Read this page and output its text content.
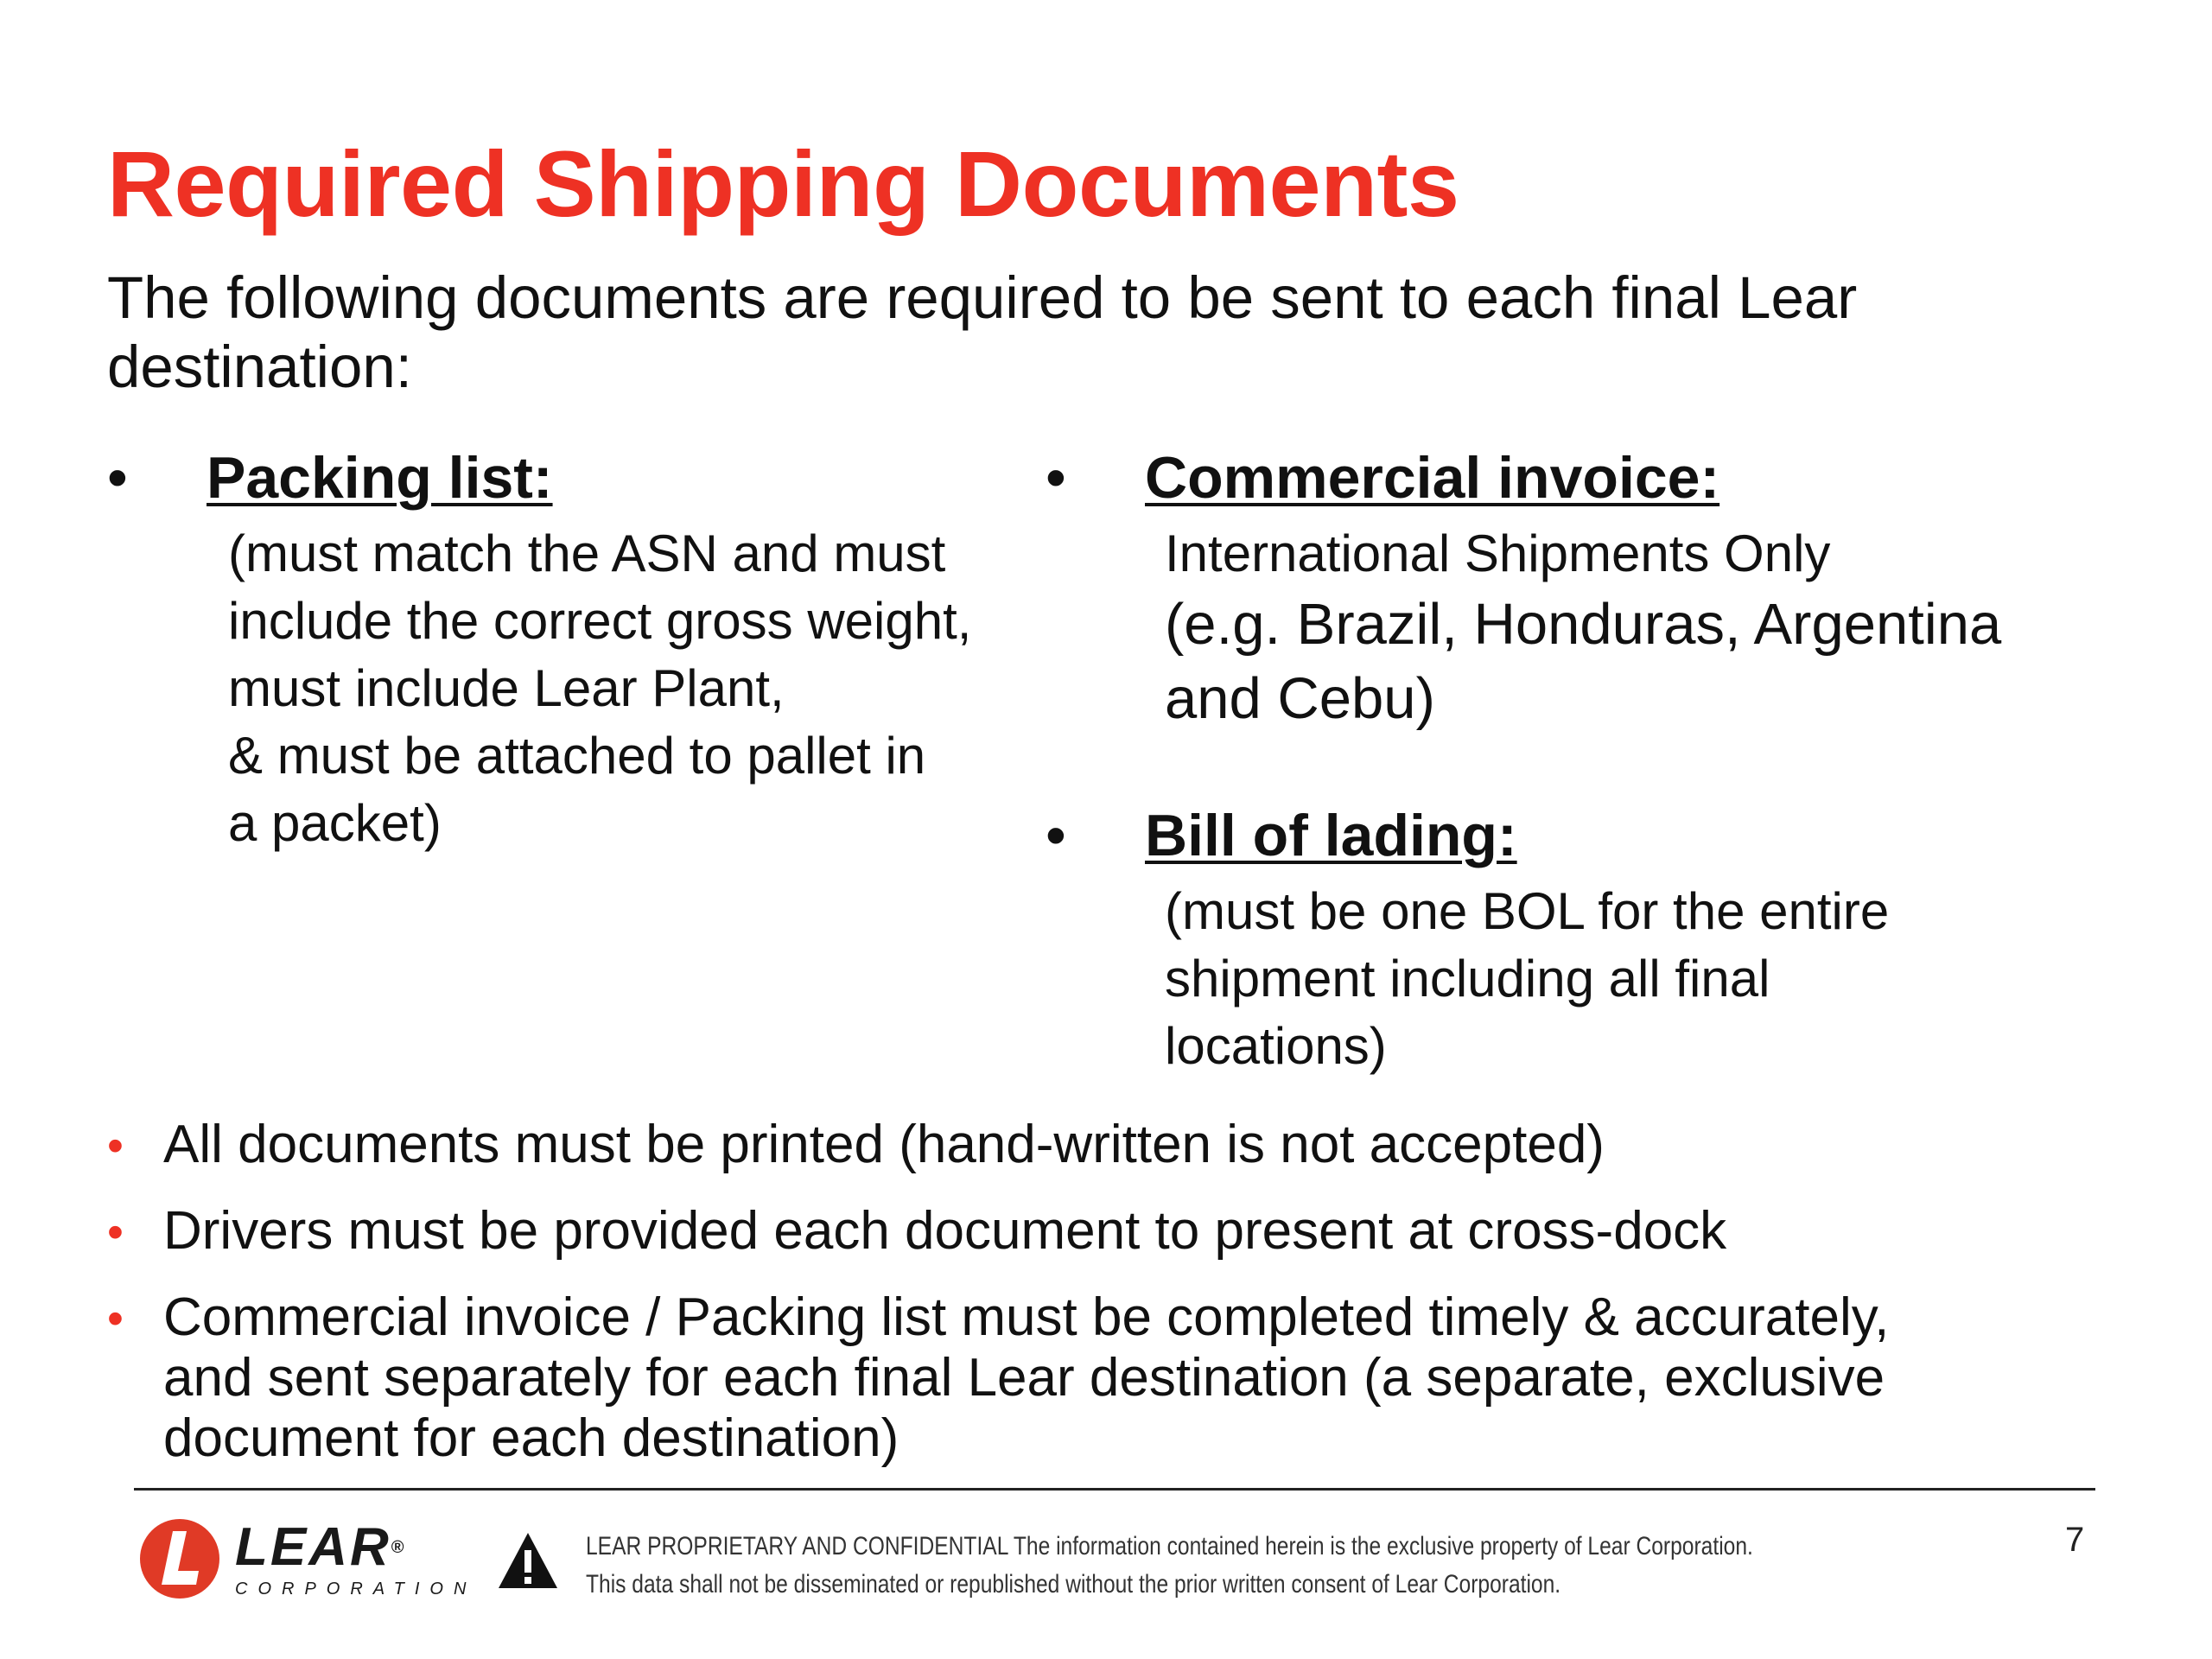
Required Shipping Documents
The following documents are required to be sent to each final Lear destination:
• Packing list:
(must match the ASN and must
include the correct gross weight,
must include Lear Plant,
& must be attached to pallet in
a packet)
• Commercial invoice:
International Shipments Only
(e.g. Brazil, Honduras, Argentina
and Cebu)
• Bill of lading:
(must be one BOL for the entire
shipment including all final
locations)
• All documents must be printed (hand-written is not accepted)
• Drivers must be provided each document to present at cross-dock
• Commercial invoice / Packing list must be completed timely & accurately,
and sent separately for each final Lear destination (a separate, exclusive
document for each destination)
LEAR®
CORPORATION
LEAR PROPRIETARY AND CONFIDENTIAL The information contained herein is the exclusive property of Lear Corporation.
This data shall not be disseminated or republished without the prior written consent of Lear Corporation.
7
